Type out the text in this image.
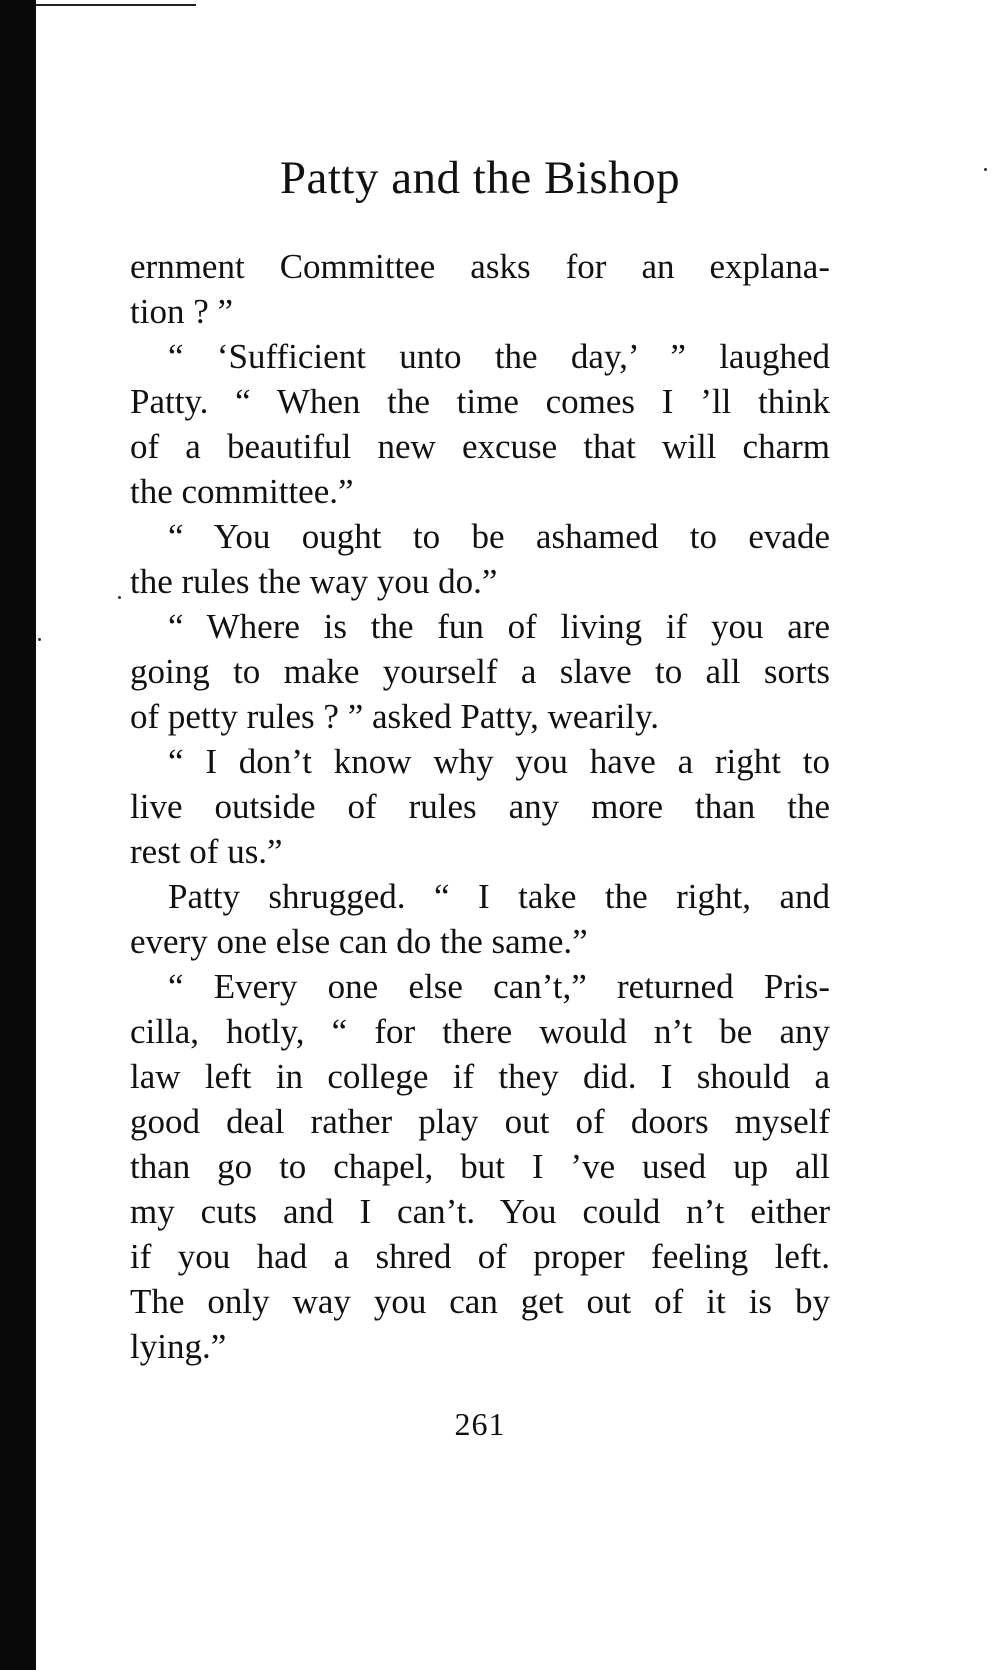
Patty and the Bishop
ernment Committee asks for an explana-
tion ? ”
“ ‘Sufficient unto the day,’ ” laughed
Patty. “ When the time comes I ’ll think
of a beautiful new excuse that will charm
the committee.”
“ You ought to be ashamed to evade
the rules the way you do.”
“ Where is the fun of living if you are
going to make yourself a slave to all sorts
of petty rules ? ” asked Patty, wearily.
“ I don’t know why you have a right to
live outside of rules any more than the
rest of us.”
Patty shrugged. “ I take the right, and
every one else can do the same.”
“ Every one else can’t,” returned Pris-
cilla, hotly, “ for there would n’t be any
law left in college if they did. I should a
good deal rather play out of doors myself
than go to chapel, but I ’ve used up all
my cuts and I can’t. You could n’t either
if you had a shred of proper feeling left.
The only way you can get out of it is by
lying.”
261
